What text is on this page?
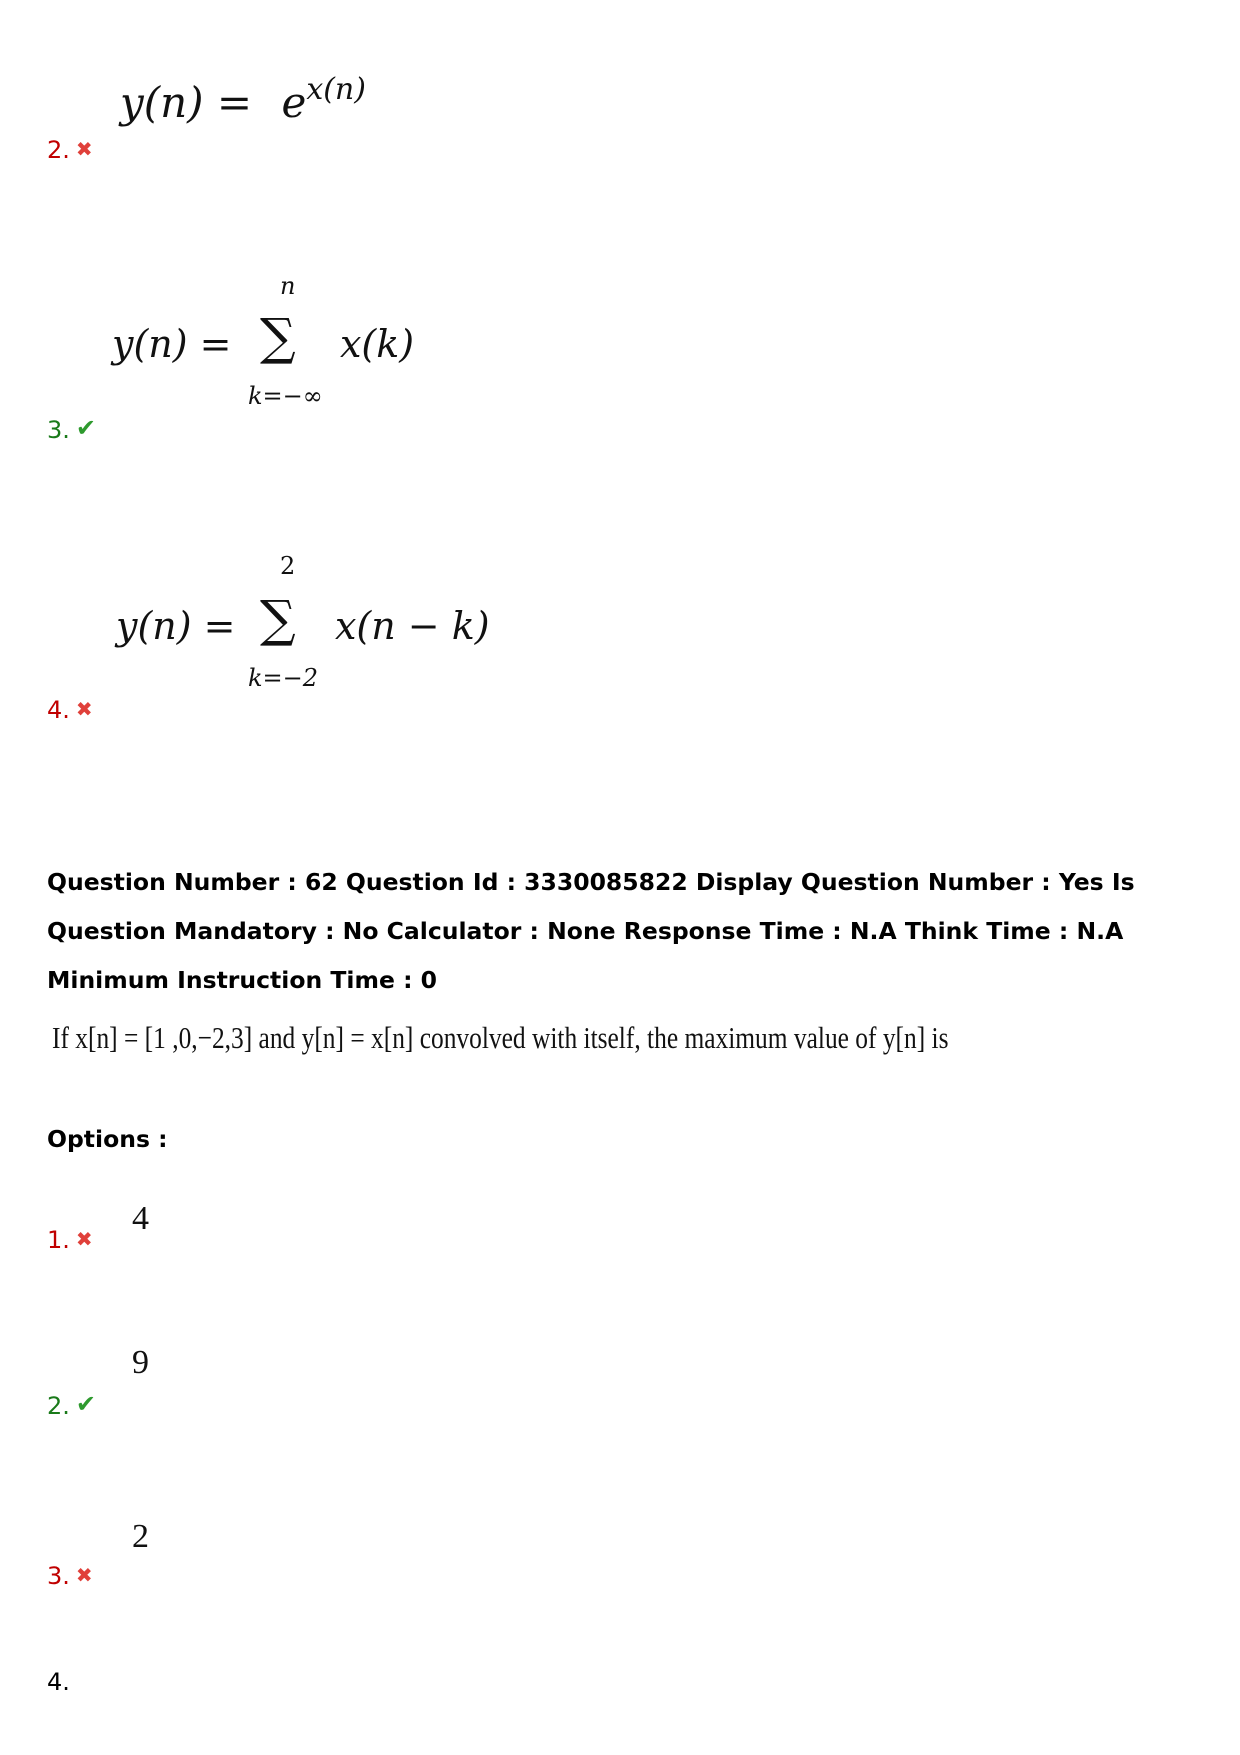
$y(n) = e^{x(n)}$
2. ✖
y(n) = ∑
n
k=−∞
x(k)
3. ✔
y(n) = ∑
2
k=−2
x(n − k)
4. ✖
Question Number : 62 Question Id : 3330085822 Display Question Number : Yes Is Question Mandatory : No Calculator : None Response Time : N.A Think Time : N.A Minimum Instruction Time : 0
If x[n] = [1 ,0,−2,3] and y[n] = x[n] convolved with itself, the maximum value of y[n] is
Options :
4
1. ✖
9
2. ✔
2
3. ✖
4.
